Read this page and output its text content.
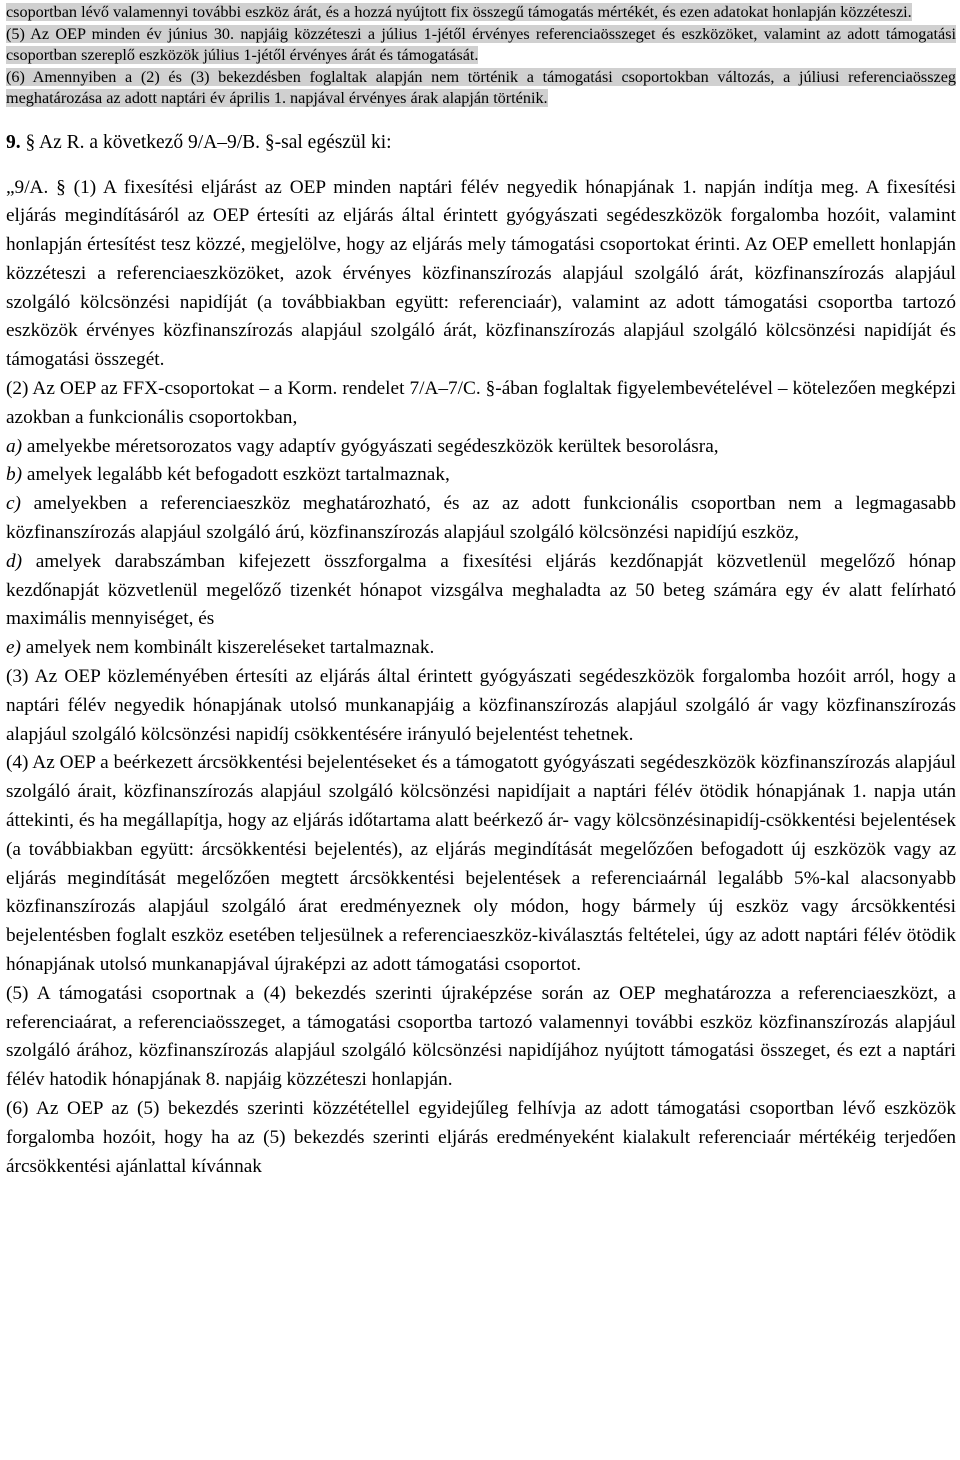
csoportban lévő valamennyi további eszköz árát, és a hozzá nyújtott fix összegű támogatás mértékét, és ezen adatokat honlapján közzéteszi.

(5) Az OEP minden év június 30. napjáig közzéteszi a július 1-jétől érvényes referenciaösszeget és eszközöket, valamint az adott támogatási csoportban szereplő eszközök július 1-jétől érvényes árát és támogatását.

(6) Amennyiben a (2) és (3) bekezdésben foglaltak alapján nem történik a támogatási csoportokban változás, a júliusi referenciaösszeg meghatározása az adott naptári év április 1. napjával érvényes árak alapján történik.

9. § Az R. a következő 9/A–9/B. §-sal egészül ki:

„9/A. § (1) A fixesítési eljárást az OEP minden naptári félév negyedik hónapjának 1. napján indítja meg. A fixesítési eljárás megindításáról az OEP értesíti az eljárás által érintett gyógyászati segédeszközök forgalomba hozóit, valamint honlapján értesítést tesz közzé, megjelölve, hogy az eljárás mely támogatási csoportokat érinti. Az OEP emellett honlapján közzéteszi a referenciaeszközöket, azok érvényes közfinanszírozás alapjául szolgáló árát, közfinanszírozás alapjául szolgáló kölcsönzési napidíját (a továbbiakban együtt: referenciaár), valamint az adott támogatási csoportba tartozó eszközök érvényes közfinanszírozás alapjául szolgáló árát, közfinanszírozás alapjául szolgáló kölcsönzési napidíját és támogatási összegét.

(2) Az OEP az FFX-csoportokat – a Korm. rendelet 7/A–7/C. §-ában foglaltak figyelembevételével – kötelezően megképzi azokban a funkcionális csoportokban,

a) amelyekbe méretsorozatos vagy adaptív gyógyászati segédeszközök kerültek besorolásra,

b) amelyek legalább két befogadott eszközt tartalmaznak,

c) amelyekben a referenciaeszköz meghatározható, és az az adott funkcionális csoportban nem a legmagasabb közfinanszírozás alapjául szolgáló árú, közfinanszírozás alapjául szolgáló kölcsönzési napidíjú eszköz,

d) amelyek darabszámban kifejezett összforgalma a fixesítési eljárás kezdőnapját közvetlenül megelőző hónap kezdőnapját közvetlenül megelőző tizenkét hónapot vizsgálva meghaladta az 50 beteg számára egy év alatt felírható maximális mennyiséget, és

e) amelyek nem kombinált kiszereléseket tartalmaznak.

(3) Az OEP közleményében értesíti az eljárás által érintett gyógyászati segédeszközök forgalomba hozóit arról, hogy a naptári félév negyedik hónapjának utolsó munkanapjáig a közfinanszírozás alapjául szolgáló ár vagy közfinanszírozás alapjául szolgáló kölcsönzési napidíj csökkentésére irányuló bejelentést tehetnek.

(4) Az OEP a beérkezett árcsökkentési bejelentéseket és a támogatott gyógyászati segédeszközök közfinanszírozás alapjául szolgáló árait, közfinanszírozás alapjául szolgáló kölcsönzési napidíjait a naptári félév ötödik hónapjának 1. napja után áttekinti, és ha megállapítja, hogy az eljárás időtartama alatt beérkező ár- vagy kölcsönzésinapidíj-csökkentési bejelentések (a továbbiakban együtt: árcsökkentési bejelentés), az eljárás megindítását megelőzően befogadott új eszközök vagy az eljárás megindítását megelőzően megtett árcsökkentési bejelentések a referenciaárnál legalább 5%-kal alacsonyabb közfinanszírozás alapjául szolgáló árat eredményeznek oly módon, hogy bármely új eszköz vagy árcsökkentési bejelentésben foglalt eszköz esetében teljesülnek a referenciaeszköz-kiválasztás feltételei, úgy az adott naptári félév ötödik hónapjának utolsó munkanapjával újraképzi az adott támogatási csoportot.

(5) A támogatási csoportnak a (4) bekezdés szerinti újraképzése során az OEP meghatározza a referenciaeszközt, a referenciaárat, a referenciaösszeget, a támogatási csoportba tartozó valamennyi további eszköz közfinanszírozás alapjául szolgáló árához, közfinanszírozás alapjául szolgáló kölcsönzési napidíjához nyújtott támogatási összeget, és ezt a naptári félév hatodik hónapjának 8. napjáig közzéteszi honlapján.

(6) Az OEP az (5) bekezdés szerinti közzététellel egyidejűleg felhívja az adott támogatási csoportban lévő eszközök forgalomba hozóit, hogy ha az (5) bekezdés szerinti eljárás eredményeként kialakult referenciaár mértékéig terjedően árcsökkentési ajánlattal kívánnak
